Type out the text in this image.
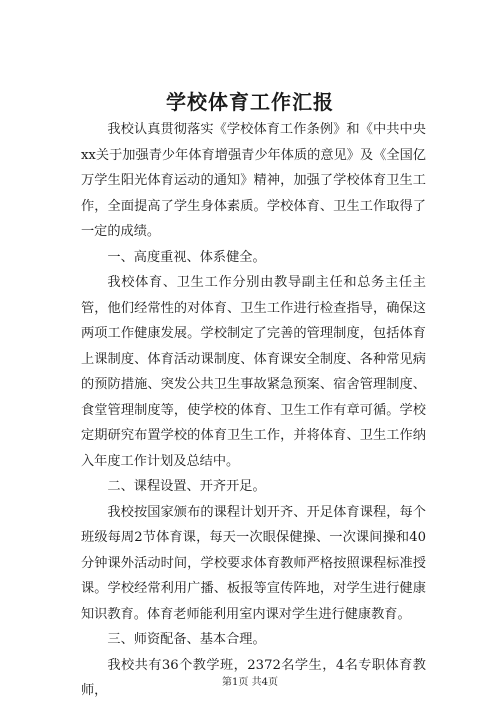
学校体育工作汇报

我校认真贯彻落实《学校体育工作条例》和《中共中央xx关于加强青少年体育增强青少年体质的意见》及《全国亿万学生阳光体育运动的通知》精神，加强了学校体育卫生工作，全面提高了学生身体素质。学校体育、卫生工作取得了一定的成绩。

一、高度重视、体系健全。

我校体育、卫生工作分别由教导副主任和总务主任主管，他们经常性的对体育、卫生工作进行检查指导，确保这两项工作健康发展。学校制定了完善的管理制度，包括体育上课制度、体育活动课制度、体育课安全制度、各种常见病的预防措施、突发公共卫生事故紧急预案、宿舍管理制度、食堂管理制度等，使学校的体育、卫生工作有章可循。学校定期研究布置学校的体育卫生工作，并将体育、卫生工作纳入年度工作计划及总结中。

二、课程设置、开齐开足。

我校按国家颁布的课程计划开齐、开足体育课程，每个班级每周2节体育课，每天一次眼保健操、一次课间操和40分钟课外活动时间，学校要求体育教师严格按照课程标准授课。学校经常利用广播、板报等宣传阵地，对学生进行健康知识教育。体育老师能利用室内课对学生进行健康教育。

三、师资配备、基本合理。

我校共有36个教学班，2372名学生，4名专职体育教师，

第1页 共4页
